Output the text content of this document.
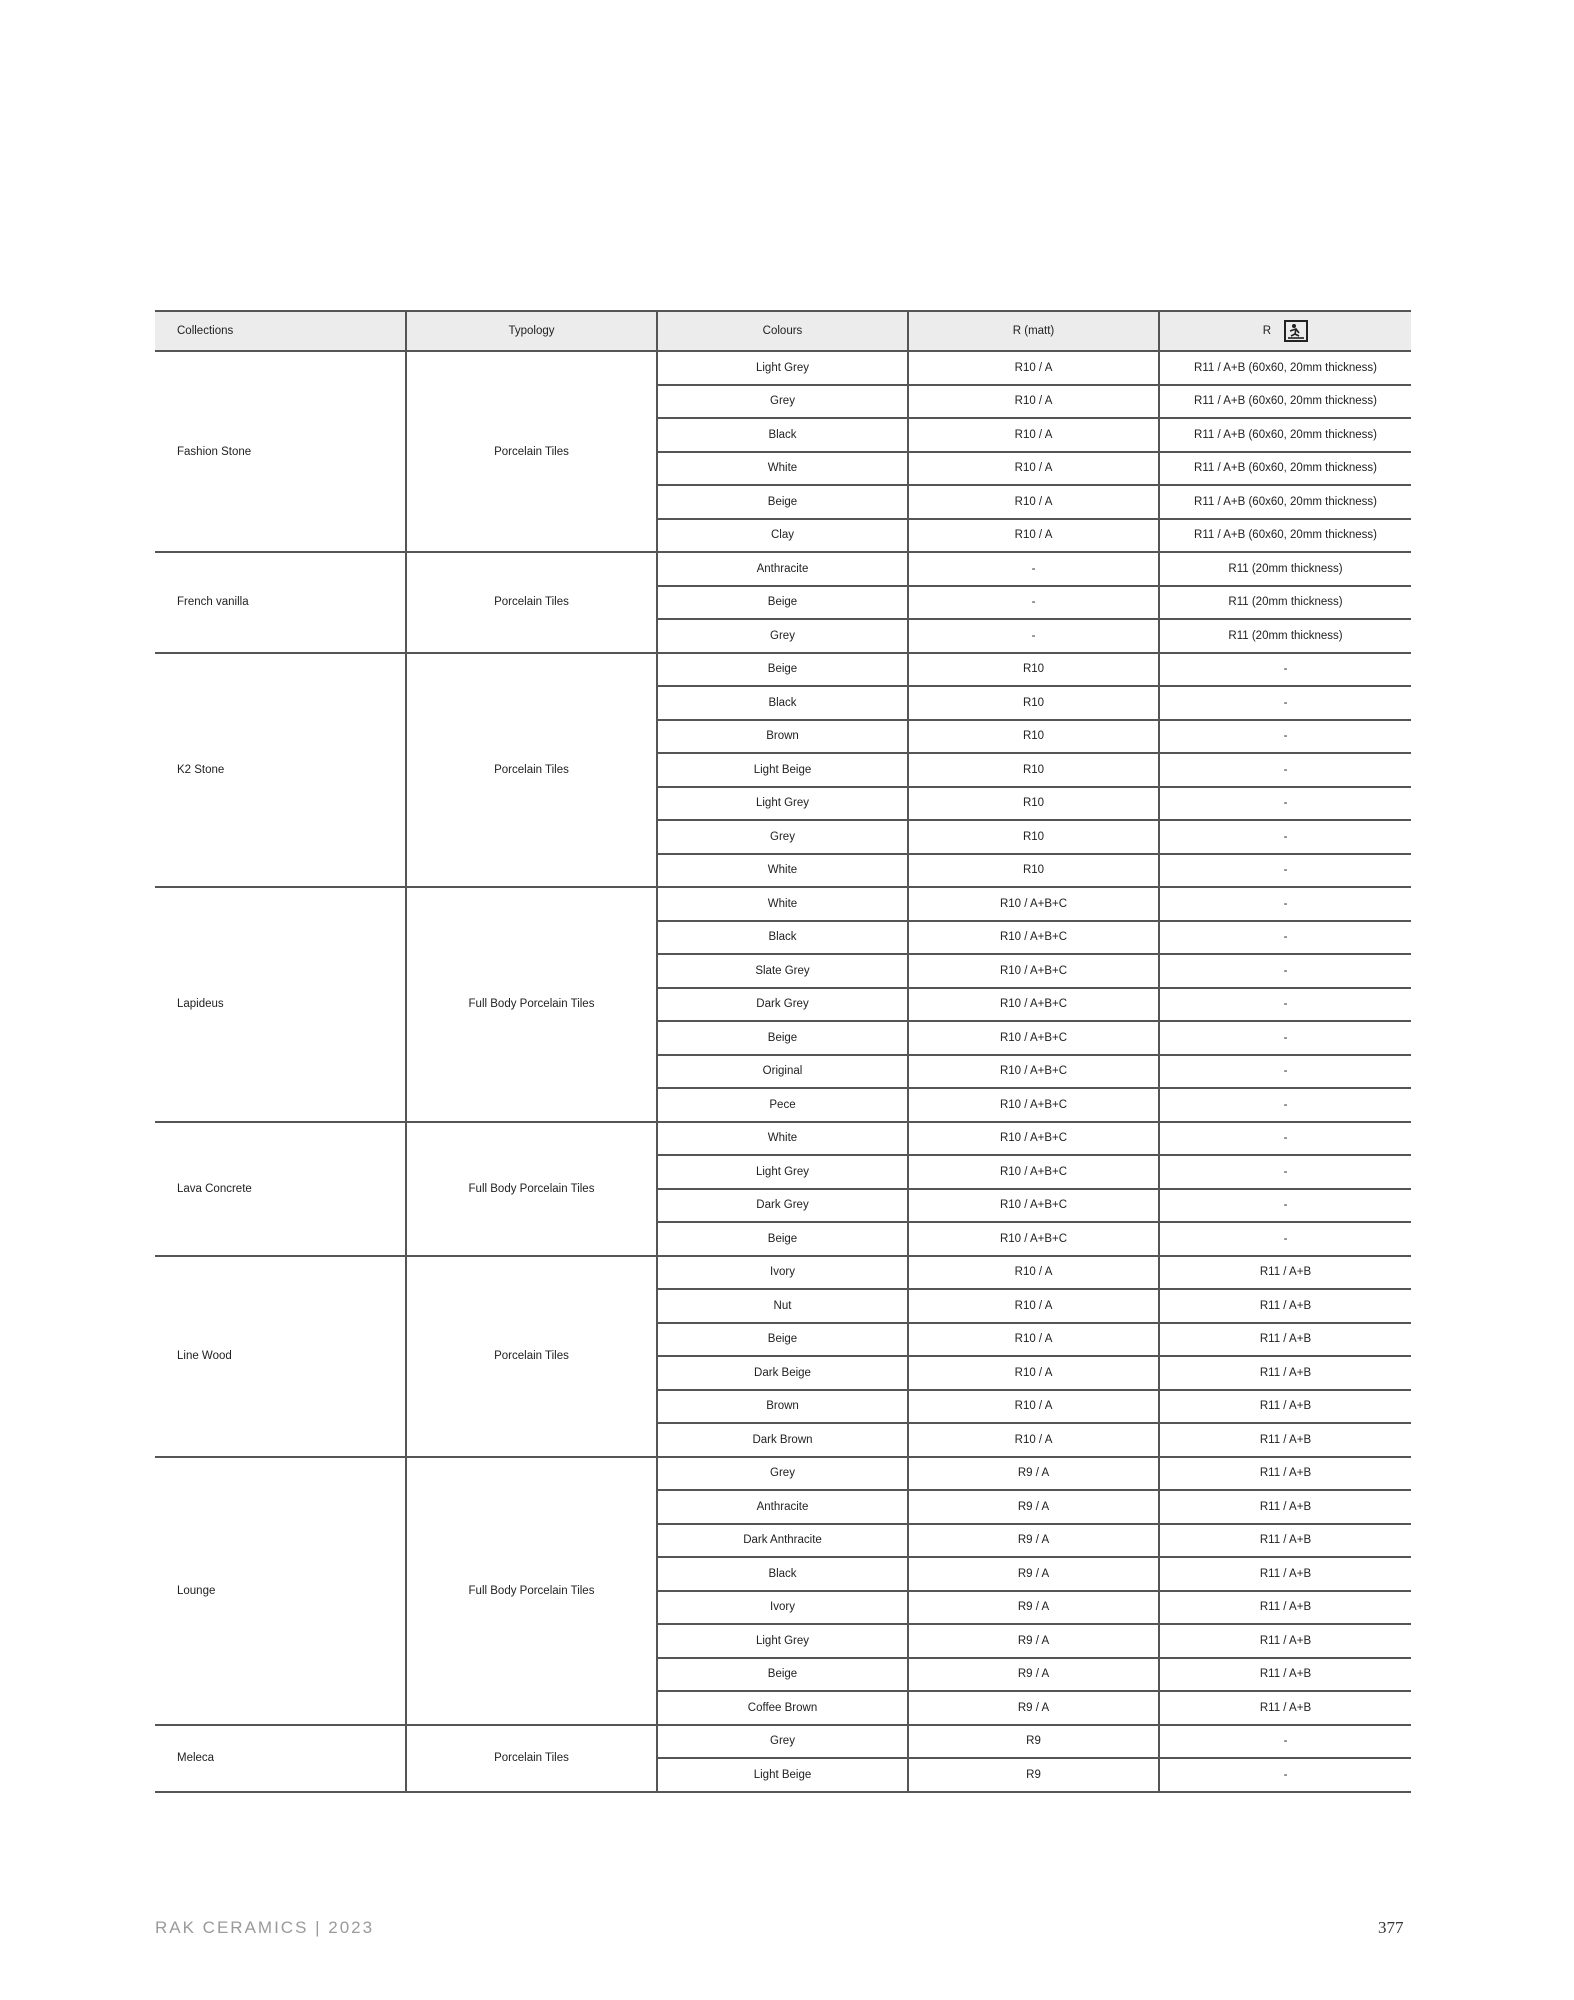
Collections	Typology	Colours	R (matt)	R
Fashion Stone	Porcelain Tiles	Light Grey	R10 / A	R11 / A+B (60x60, 20mm thickness)
		Grey	R10 / A	R11 / A+B (60x60, 20mm thickness)
		Black	R10 / A	R11 / A+B (60x60, 20mm thickness)
		White	R10 / A	R11 / A+B (60x60, 20mm thickness)
		Beige	R10 / A	R11 / A+B (60x60, 20mm thickness)
		Clay	R10 / A	R11 / A+B (60x60, 20mm thickness)
French vanilla	Porcelain Tiles	Anthracite	-	R11 (20mm thickness)
		Beige	-	R11 (20mm thickness)
		Grey	-	R11 (20mm thickness)
K2 Stone	Porcelain Tiles	Beige	R10	-
		Black	R10	-
		Brown	R10	-
		Light Beige	R10	-
		Light Grey	R10	-
		Grey	R10	-
		White	R10	-
Lapideus	Full Body Porcelain Tiles	White	R10 / A+B+C	-
		Black	R10 / A+B+C	-
		Slate Grey	R10 / A+B+C	-
		Dark Grey	R10 / A+B+C	-
		Beige	R10 / A+B+C	-
		Original	R10 / A+B+C	-
		Pece	R10 / A+B+C	-
Lava Concrete	Full Body Porcelain Tiles	White	R10 / A+B+C	-
		Light Grey	R10 / A+B+C	-
		Dark Grey	R10 / A+B+C	-
		Beige	R10 / A+B+C	-
Line Wood	Porcelain Tiles	Ivory	R10 / A	R11 / A+B
		Nut	R10 / A	R11 / A+B
		Beige	R10 / A	R11 / A+B
		Dark Beige	R10 / A	R11 / A+B
		Brown	R10 / A	R11 / A+B
		Dark Brown	R10 / A	R11 / A+B
Lounge	Full Body Porcelain Tiles	Grey	R9 / A	R11 / A+B
		Anthracite	R9 / A	R11 / A+B
		Dark Anthracite	R9 / A	R11 / A+B
		Black	R9 / A	R11 / A+B
		Ivory	R9 / A	R11 / A+B
		Light Grey	R9 / A	R11 / A+B
		Beige	R9 / A	R11 / A+B
		Coffee Brown	R9 / A	R11 / A+B
Meleca	Porcelain Tiles	Grey	R9	-
		Light Beige	R9	-
RAK CERAMICS | 2023	377
